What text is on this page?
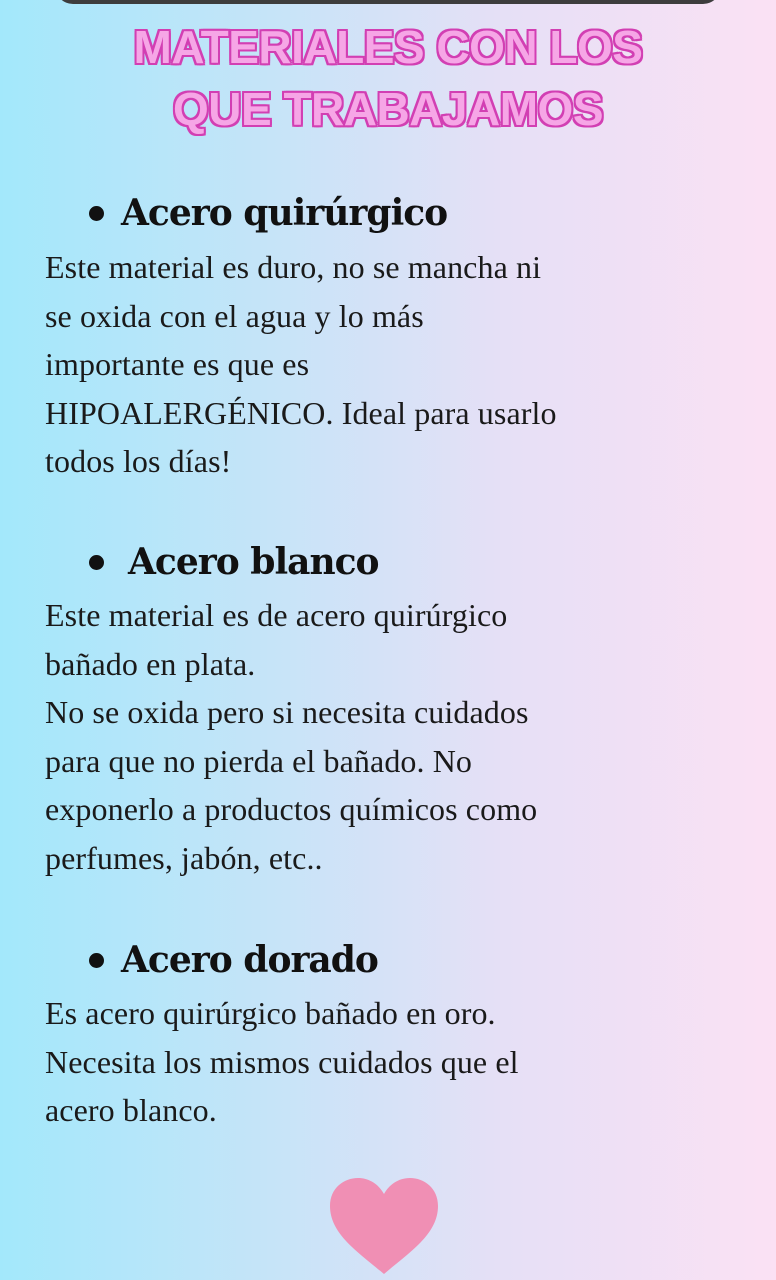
MATERIALES CON LOS
QUE TRABAJAMOS
Acero quirúrgico

Este material es duro, no se mancha ni
se oxida con el agua y lo más
importante es que es
HIPOALERGÉNICO. Ideal para usarlo
todos los días!

Acero blanco

Este material es de acero quirúrgico
bañado en plata.
No se oxida pero si necesita cuidados
para que no pierda el bañado. No
exponerlo a productos químicos como
perfumes, jabón, etc..

Acero dorado

Es acero quirúrgico bañado en oro.
Necesita los mismos cuidados que el
acero blanco.
